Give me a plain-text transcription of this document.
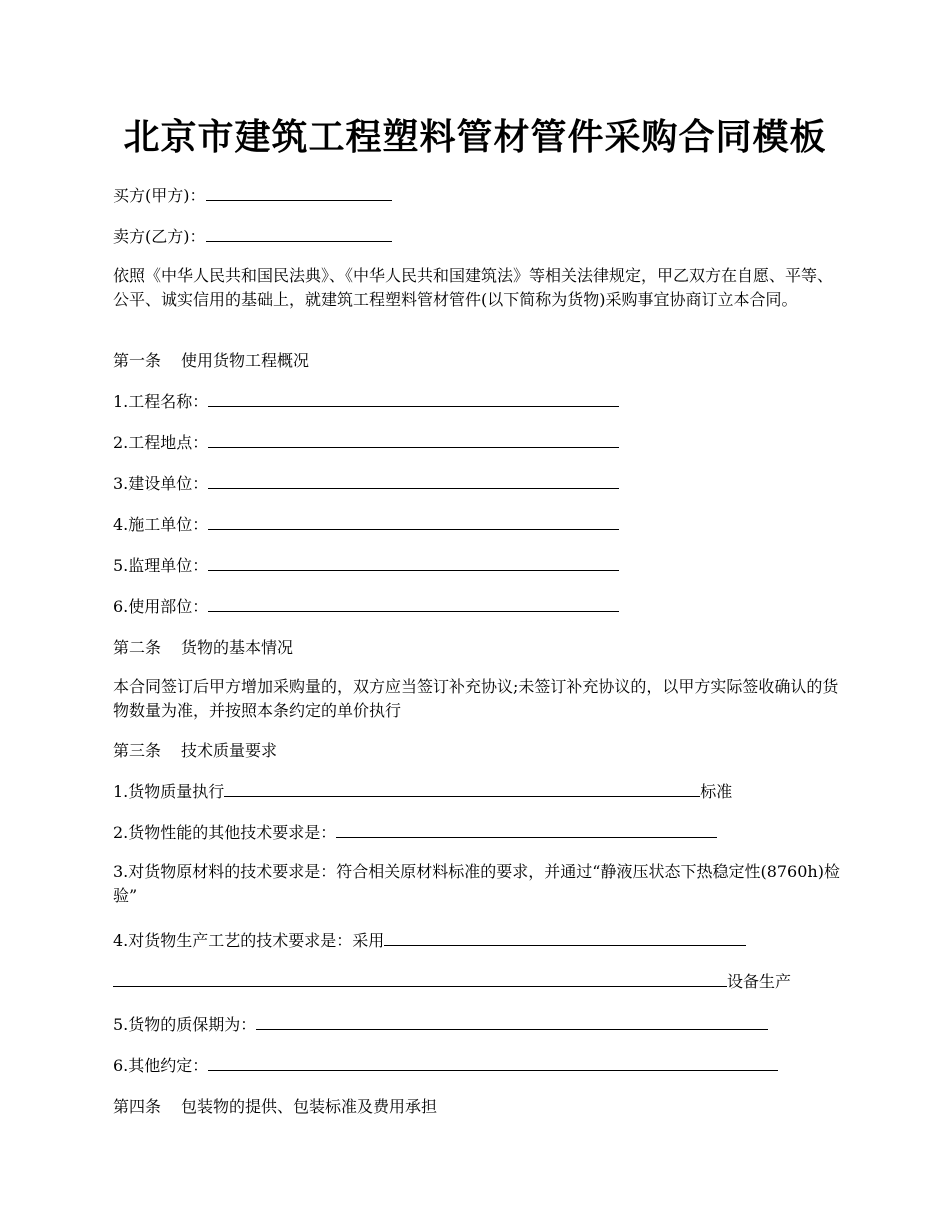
北京市建筑工程塑料管材管件采购合同模板
买方(甲方)：
卖方(乙方)：
依照《中华人民共和国民法典》、《中华人民共和国建筑法》等相关法律规定，甲乙双方在自愿、平等、公平、诚实信用的基础上，就建筑工程塑料管材管件(以下简称为货物)采购事宜协商订立本合同。
第一条 使用货物工程概况
1.工程名称：
2.工程地点：
3.建设单位：
4.施工单位：
5.监理单位：
6.使用部位：
第二条 货物的基本情况
本合同签订后甲方增加采购量的，双方应当签订补充协议;未签订补充协议的，以甲方实际签收确认的货物数量为准，并按照本条约定的单价执行
第三条 技术质量要求
1.货物质量执行	标准
2.货物性能的其他技术要求是：
3.对货物原材料的技术要求是：符合相关原材料标准的要求，并通过“静液压状态下热稳定性(8760h)检验”
4.对货物生产工艺的技术要求是：采用
设备生产
5.货物的质保期为：
6.其他约定：
第四条 包装物的提供、包装标准及费用承担
